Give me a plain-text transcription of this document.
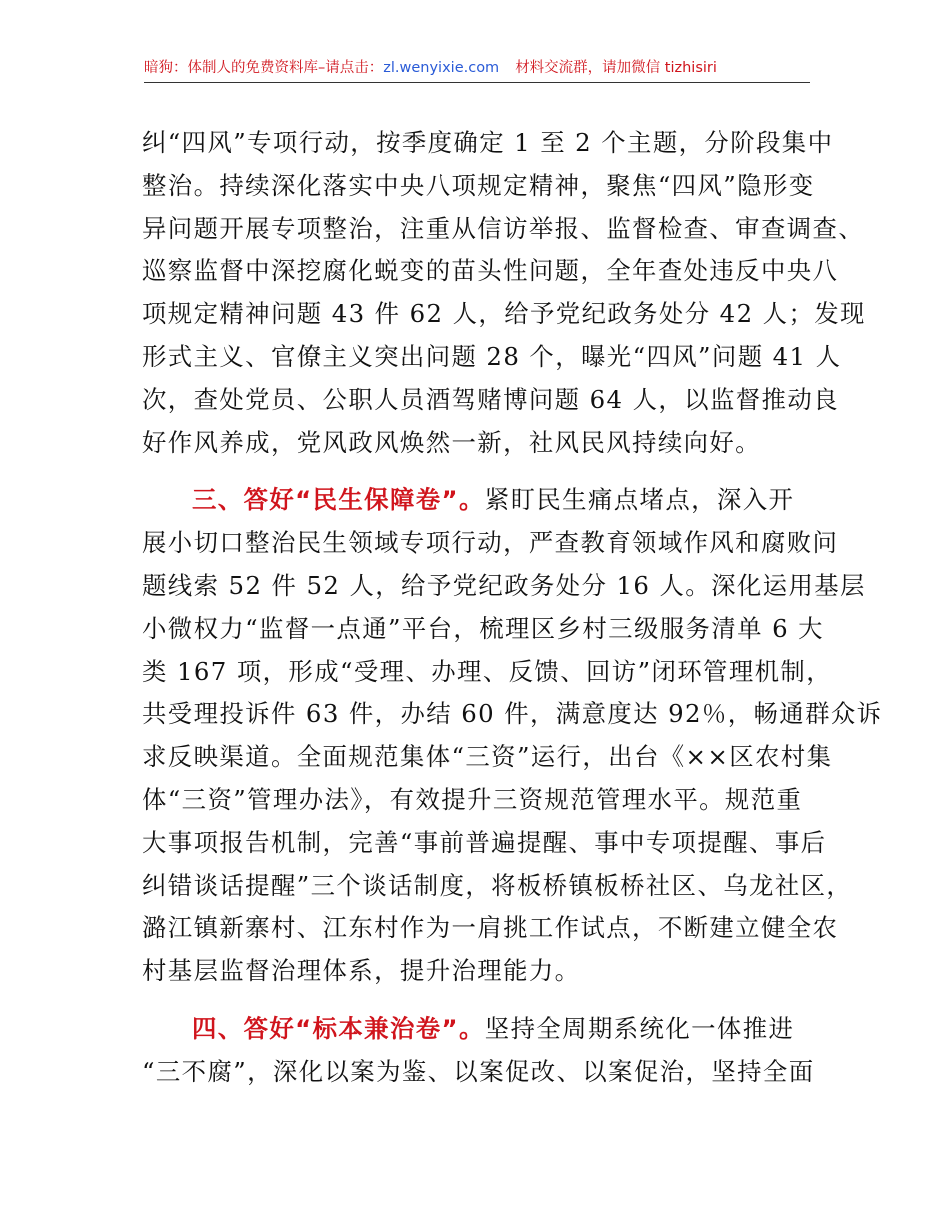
暗狗：体制人的免费资料库 –请点击： zl.wenyixie.com 材料交流群，请加微信 tizhisiri
纠“四风”专项行动，按季度确定 1 至 2 个主题，分阶段集中
整治。持续深化落实中央八项规定精神，聚焦“四风”隐形变
异问题开展专项整治，注重从信访举报、监督检查、审查调查、
巡察监督中深挖腐化蜕变的苗头性问题，全年查处违反中央八
项规定精神问题 43 件 62 人，给予党纪政务处分 42 人；发现
形式主义、官僚主义突出问题 28 个，曝光“四风”问题 41 人
次，查处党员、公职人员酒驾赌博问题 64 人，以监督推动良
好作风养成，党风政风焕然一新，社风民风持续向好。
三、答好“民生保障卷”。紧盯民生痛点堵点，深入开
展小切口整治民生领域专项行动，严查教育领域作风和腐败问
题线索 52 件 52 人，给予党纪政务处分 16 人。深化运用基层
小微权力“监督一点通”平台，梳理区乡村三级服务清单 6 大
类 167 项，形成“受理、办理、反馈、回访”闭环管理机制，
共受理投诉件 63 件，办结 60 件，满意度达 92％，畅通群众诉
求反映渠道。全面规范集体“三资”运行，出台《××区农村集
体“三资”管理办法》，有效提升三资规范管理水平。规范重
大事项报告机制，完善“事前普遍提醒、事中专项提醒、事后
纠错谈话提醒”三个谈话制度，将板桥镇板桥社区、乌龙社区，
潞江镇新寨村、江东村作为一肩挑工作试点，不断建立健全农
村基层监督治理体系，提升治理能力。
四、答好“标本兼治卷”。坚持全周期系统化一体推进
“三不腐”，深化以案为鉴、以案促改、以案促治，坚持全面
